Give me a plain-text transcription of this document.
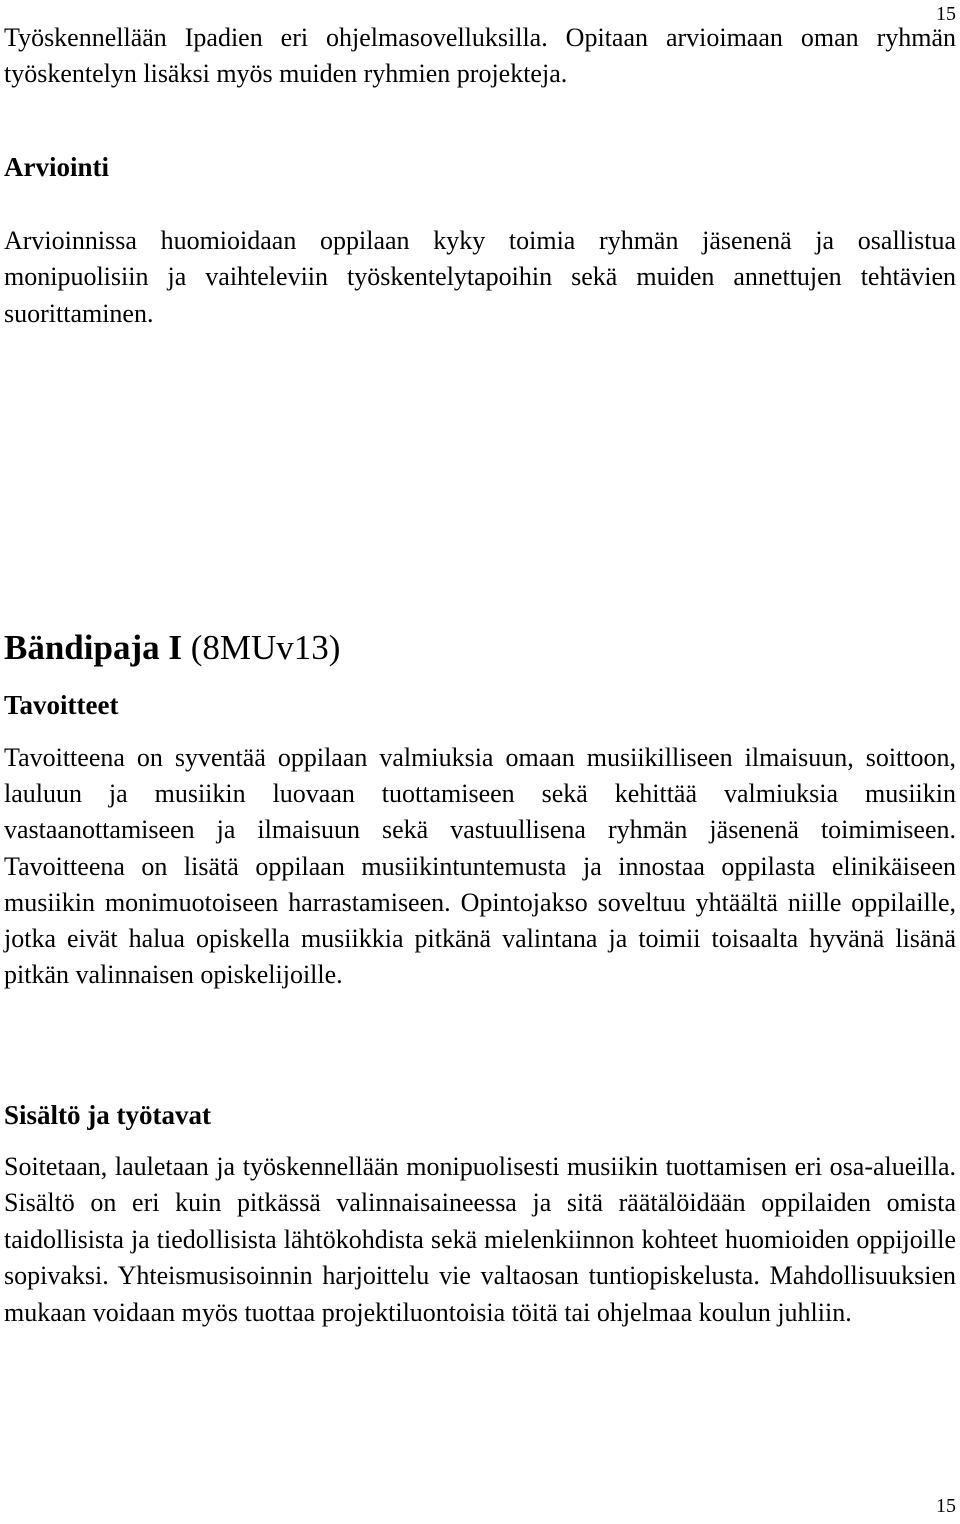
15

Työskennellään Ipadien eri ohjelmasovelluksilla. Opitaan arvioimaan oman ryhmän työskentelyn lisäksi myös muiden ryhmien projekteja.

Arviointi

Arvioinnissa huomioidaan oppilaan kyky toimia ryhmän jäsenenä ja osallistua monipuolisiin ja vaihteleviin työskentelytapoihin sekä muiden annettujen tehtävien suorittaminen.

Bändipaja I (8MUv13)
Tavoitteet

Tavoitteena on syventää oppilaan valmiuksia omaan musiikilliseen ilmaisuun, soittoon, lauluun ja musiikin luovaan tuottamiseen sekä kehittää valmiuksia musiikin vastaanottamiseen ja ilmaisuun sekä vastuullisena ryhmän jäsenenä toimimiseen. Tavoitteena on lisätä oppilaan musiikintuntemusta ja innostaa oppilasta elinikäiseen musiikin monimuotoiseen harrastamiseen. Opintojakso soveltuu yhtäältä niille oppilaille, jotka eivät halua opiskella musiikkia pitkänä valintana ja toimii toisaalta hyvänä lisänä pitkän valinnaisen opiskelijoille.

Sisältö ja työtavat

Soitetaan, lauletaan ja työskennellään monipuolisesti musiikin tuottamisen eri osa-alueilla. Sisältö on eri kuin pitkässä valinnaisaineessa ja sitä räätälöidään oppilaiden omista taidollisista ja tiedollisista lähtökohdista sekä mielenkiinnon kohteet huomioiden oppijoille sopivaksi. Yhteismusisoinnin harjoittelu vie valtaosan tuntiopiskelusta. Mahdollisuuksien mukaan voidaan myös tuottaa projektiluontoisia töitä tai ohjelmaa koulun juhliin.

15
